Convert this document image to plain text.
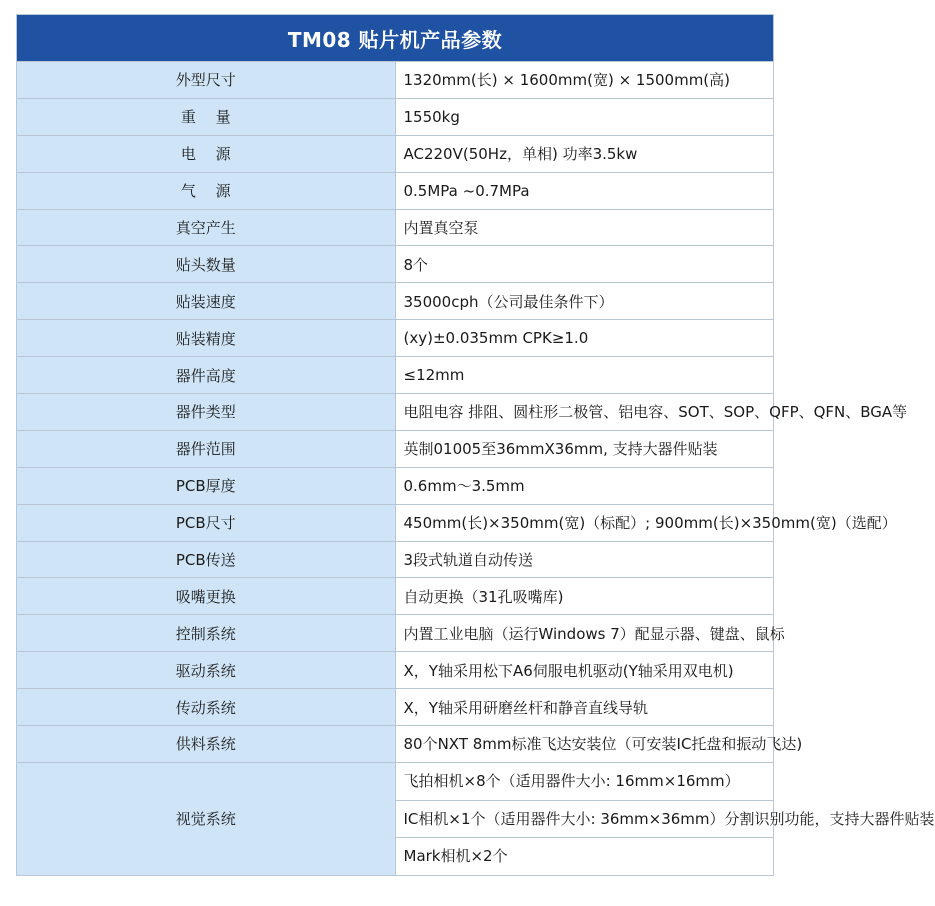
TM08 贴片机产品参数	
外型尺寸	1320mm(长) × 1600mm(宽) × 1500mm(高)
重　 量	1550kg
电　 源	AC220V(50Hz，单相) 功率3.5kw
气　 源	0.5MPa ~0.7MPa
真空产生	内置真空泵
贴头数量	8个
贴装速度	35000cph（公司最佳条件下）
贴装精度	(xy)±0.035mm CPK≥1.0
器件高度	≤12mm
器件类型	电阻电容 排阻、圆柱形二极管、铝电容、SOT、SOP、QFP、QFN、BGA等
器件范围	英制01005至36mmX36mm, 支持大器件贴装
PCB厚度	0.6mm～3.5mm
PCB尺寸	450mm(长)×350mm(宽)（标配）; 900mm(长)×350mm(宽)（选配）
PCB传送	3段式轨道自动传送
吸嘴更换	自动更换（31孔吸嘴库)
控制系统	内置工业电脑（运行Windows 7）配显示器、键盘、鼠标
驱动系统	X，Y轴采用松下A6伺服电机驱动(Y轴采用双电机)
传动系统	X，Y轴采用研磨丝杆和静音直线导轨
供料系统	80个NXT 8mm标准飞达安装位（可安装IC托盘和振动飞达)
视觉系统	飞拍相机×8个（适用器件大小: 16mm×16mm）
IC相机×1个（适用器件大小: 36mm×36mm）分割识别功能，支持大器件贴装
Mark相机×2个
